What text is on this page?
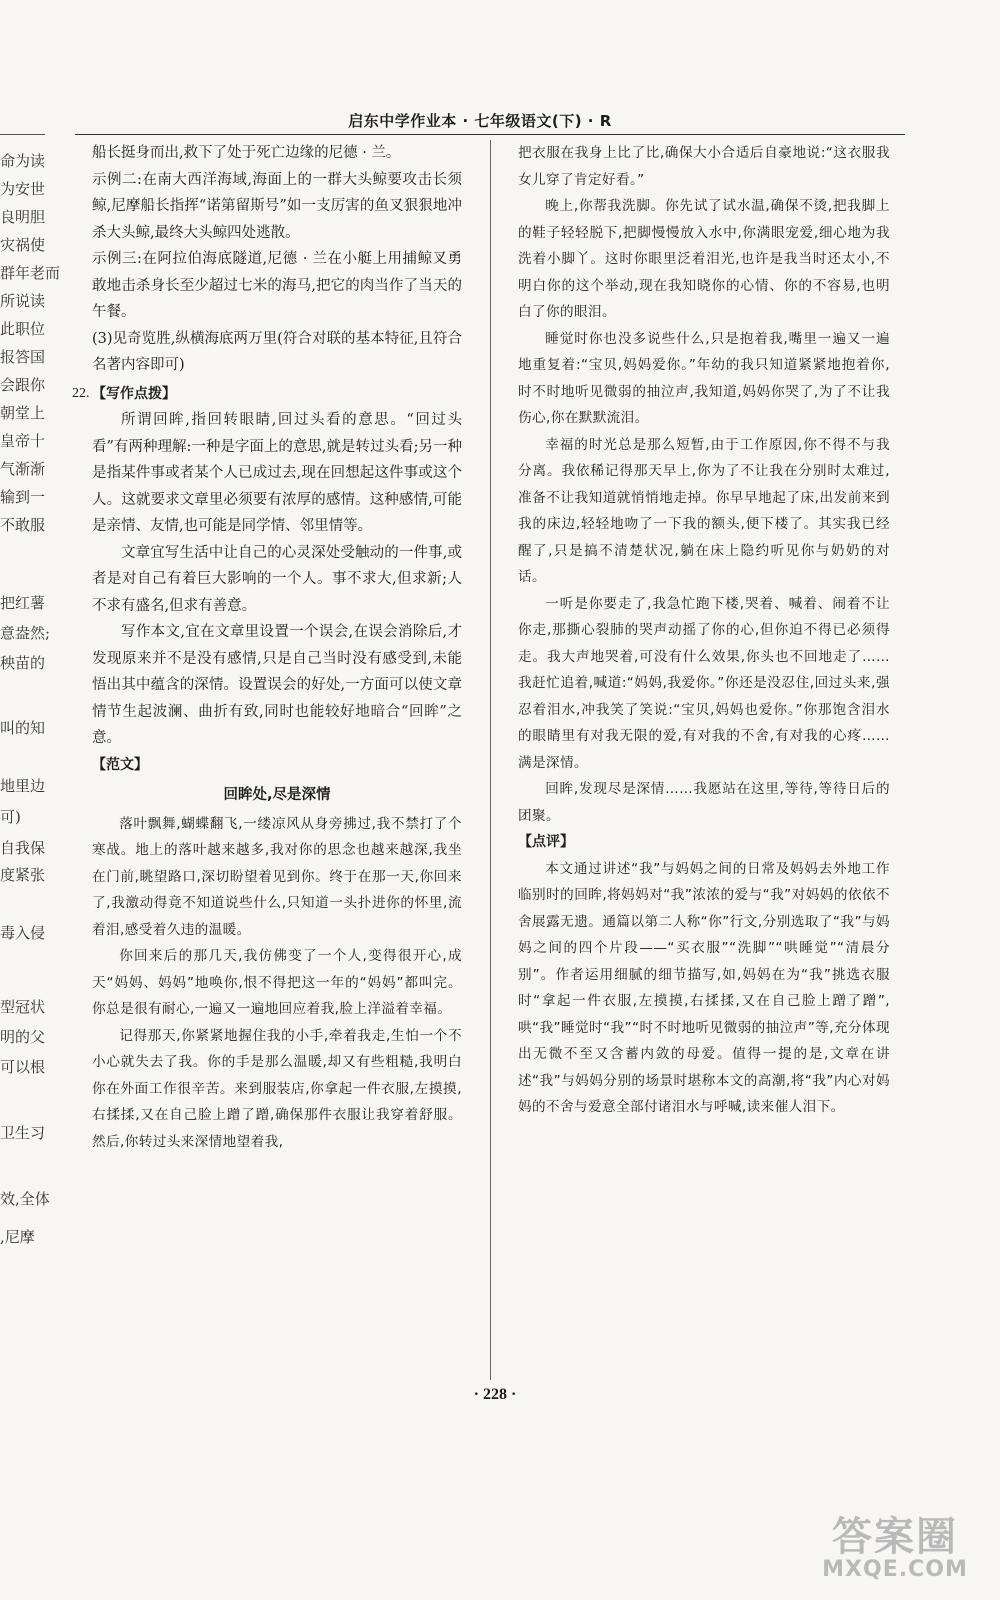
启东中学作业本 · 七年级语文(下) · R
命为读
为安世
良明胆
灾祸使
群年老而
所说读
此职位
报答国
会跟你
朝堂上
皇帝十
气渐渐
输到一
不敢服
把红薯
意盎然;
秧苗的
叫的知
地里边
可)
自我保
度紧张
毒入侵
型冠状
明的父
可以根
卫生习
效,全体
,尼摩

船长挺身而出,救下了处于死亡边缘的尼德 · 兰。

示例二:在南大西洋海域,海面上的一群大头鲸要攻击长须鲸,尼摩船长指挥“诺第留斯号”如一支厉害的鱼叉狠狠地冲杀大头鲸,最终大头鲸四处逃散。

示例三:在阿拉伯海底隧道,尼德 · 兰在小艇上用捕鲸叉勇敢地击杀身长至少超过七米的海马,把它的肉当作了当天的午餐。

(3)见奇览胜,纵横海底两万里(符合对联的基本特征,且符合名著内容即可)

22. 【写作点拨】

所谓回眸,指回转眼睛,回过头看的意思。“回过头看”有两种理解:一种是字面上的意思,就是转过头看;另一种是指某件事或者某个人已成过去,现在回想起这件事或这个人。这就要求文章里必须要有浓厚的感情。这种感情,可能是亲情、友情,也可能是同学情、邻里情等。

文章宜写生活中让自己的心灵深处受触动的一件事,或者是对自己有着巨大影响的一个人。事不求大,但求新;人不求有盛名,但求有善意。

写作本文,宜在文章里设置一个误会,在误会消除后,才发现原来并不是没有感情,只是自己当时没有感受到,未能悟出其中蕴含的深情。设置误会的好处,一方面可以使文章情节生起波澜、曲折有致,同时也能较好地暗合“回眸”之意。

【范文】
回眸处,尽是深情

落叶飘舞,蝴蝶翻飞,一缕凉风从身旁拂过,我不禁打了个寒战。地上的落叶越来越多,我对你的思念也越来越深,我坐在门前,眺望路口,深切盼望着见到你。终于在那一天,你回来了,我激动得竟不知道说些什么,只知道一头扑进你的怀里,流着泪,感受着久违的温暖。

你回来后的那几天,我仿佛变了一个人,变得很开心,成天“妈妈、妈妈”地唤你,恨不得把这一年的“妈妈”都叫完。你总是很有耐心,一遍又一遍地回应着我,脸上洋溢着幸福。

记得那天,你紧紧地握住我的小手,牵着我走,生怕一个不小心就失去了我。你的手是那么温暖,却又有些粗糙,我明白你在外面工作很辛苦。来到服装店,你拿起一件衣服,左摸摸,右揉揉,又在自己脸上蹭了蹭,确保那件衣服让我穿着舒服。然后,你转过头来深情地望着我,

把衣服在我身上比了比,确保大小合适后自豪地说:“这衣服我女儿穿了肯定好看。”

晚上,你帮我洗脚。你先试了试水温,确保不烫,把我脚上的鞋子轻轻脱下,把脚慢慢放入水中,你满眼宠爱,细心地为我洗着小脚丫。这时你眼里泛着泪光,也许是我当时还太小,不明白你的这个举动,现在我知晓你的心情、你的不容易,也明白了你的眼泪。

睡觉时你也没多说些什么,只是抱着我,嘴里一遍又一遍地重复着:“宝贝,妈妈爱你。”年幼的我只知道紧紧地抱着你,时不时地听见微弱的抽泣声,我知道,妈妈你哭了,为了不让我伤心,你在默默流泪。

幸福的时光总是那么短暂,由于工作原因,你不得不与我分离。我依稀记得那天早上,你为了不让我在分别时太难过,准备不让我知道就悄悄地走掉。你早早地起了床,出发前来到我的床边,轻轻地吻了一下我的额头,便下楼了。其实我已经醒了,只是搞不清楚状况,躺在床上隐约听见你与奶奶的对话。

一听是你要走了,我急忙跑下楼,哭着、喊着、闹着不让你走,那撕心裂肺的哭声动摇了你的心,但你迫不得已必须得走。我大声地哭着,可没有什么效果,你头也不回地走了……我赶忙追着,喊道:“妈妈,我爱你。”你还是没忍住,回过头来,强忍着泪水,冲我笑了笑说:“宝贝,妈妈也爱你。”你那饱含泪水的眼睛里有对我无限的爱,有对我的不舍,有对我的心疼……满是深情。

回眸,发现尽是深情……我愿站在这里,等待,等待日后的团聚。

【点评】

本文通过讲述“我”与妈妈之间的日常及妈妈去外地工作临别时的回眸,将妈妈对“我”浓浓的爱与“我”对妈妈的依依不舍展露无遗。通篇以第二人称“你”行文,分别选取了“我”与妈妈之间的四个片段——“买衣服”“洗脚”“哄睡觉”“清晨分别”。作者运用细腻的细节描写,如,妈妈在为“我”挑选衣服时“拿起一件衣服,左摸摸,右揉揉,又在自己脸上蹭了蹭”,哄“我”睡觉时“我”“时不时地听见微弱的抽泣声”等,充分体现出无微不至又含蓄内敛的母爱。值得一提的是,文章在讲述“我”与妈妈分别的场景时堪称本文的高潮,将“我”内心对妈妈的不舍与爱意全部付诸泪水与呼喊,读来催人泪下。

· 228 ·
答案圈
MXQE.COM
